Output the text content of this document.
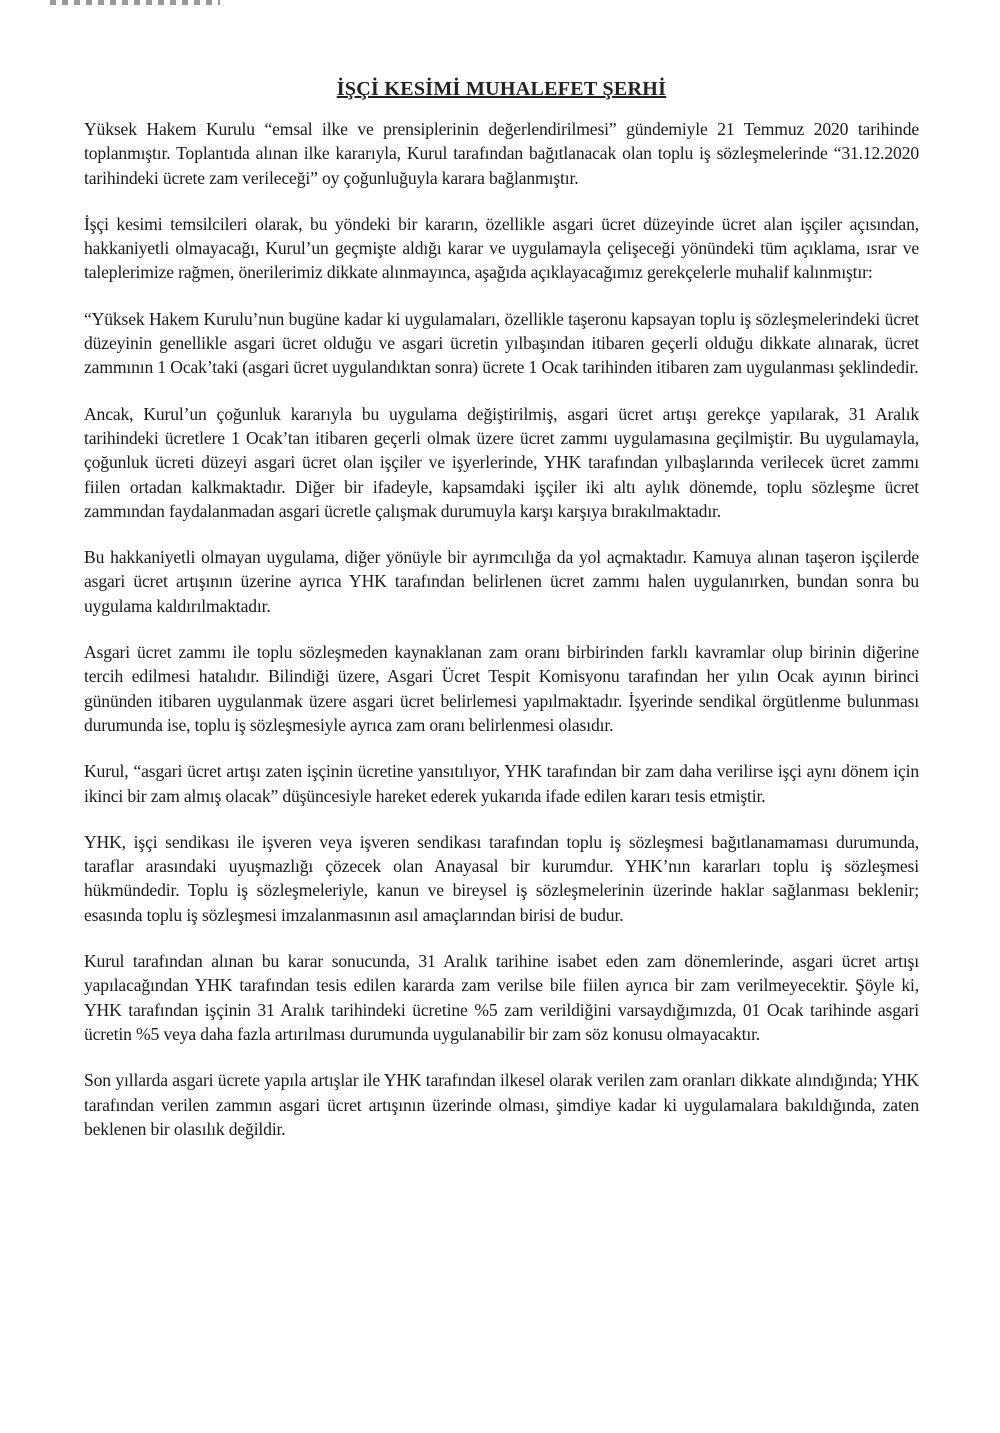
İŞÇİ KESİMİ MUHALEFET ŞERHİ

Yüksek Hakem Kurulu “emsal ilke ve prensiplerinin değerlendirilmesi” gündemiyle 21 Temmuz 2020 tarihinde toplanmıştır. Toplantıda alınan ilke kararıyla, Kurul tarafından bağıtlanacak olan toplu iş sözleşmelerinde “31.12.2020 tarihindeki ücrete zam verileceği” oy çoğunluğuyla karara bağlanmıştır.

İşçi kesimi temsilcileri olarak, bu yöndeki bir kararın, özellikle asgari ücret düzeyinde ücret alan işçiler açısından, hakkaniyetli olmayacağı, Kurul’un geçmişte aldığı karar ve uygulamayla çelişeceği yönündeki tüm açıklama, ısrar ve taleplerimize rağmen, önerilerimiz dikkate alınmayınca, aşağıda açıklayacağımız gerekçelerle muhalif kalınmıştır:

“Yüksek Hakem Kurulu’nun bugüne kadar ki uygulamaları, özellikle taşeronu kapsayan toplu iş sözleşmelerindeki ücret düzeyinin genellikle asgari ücret olduğu ve asgari ücretin yılbaşından itibaren geçerli olduğu dikkate alınarak, ücret zammının 1 Ocak’taki (asgari ücret uygulandıktan sonra) ücrete 1 Ocak tarihinden itibaren zam uygulanması şeklindedir.

Ancak, Kurul’un çoğunluk kararıyla bu uygulama değiştirilmiş, asgari ücret artışı gerekçe yapılarak, 31 Aralık tarihindeki ücretlere 1 Ocak’tan itibaren geçerli olmak üzere ücret zammı uygulamasına geçilmiştir. Bu uygulamayla, çoğunluk ücreti düzeyi asgari ücret olan işçiler ve işyerlerinde, YHK tarafından yılbaşlarında verilecek ücret zammı fiilen ortadan kalkmaktadır. Diğer bir ifadeyle, kapsamdaki işçiler iki altı aylık dönemde, toplu sözleşme ücret zammından faydalanmadan asgari ücretle çalışmak durumuyla karşı karşıya bırakılmaktadır.

Bu hakkaniyetli olmayan uygulama, diğer yönüyle bir ayrımcılığa da yol açmaktadır. Kamuya alınan taşeron işçilerde asgari ücret artışının üzerine ayrıca YHK tarafından belirlenen ücret zammı halen uygulanırken, bundan sonra bu uygulama kaldırılmaktadır.

Asgari ücret zammı ile toplu sözleşmeden kaynaklanan zam oranı birbirinden farklı kavramlar olup birinin diğerine tercih edilmesi hatalıdır. Bilindiği üzere, Asgari Ücret Tespit Komisyonu tarafından her yılın Ocak ayının birinci gününden itibaren uygulanmak üzere asgari ücret belirlemesi yapılmaktadır. İşyerinde sendikal örgütlenme bulunması durumunda ise, toplu iş sözleşmesiyle ayrıca zam oranı belirlenmesi olasıdır.

Kurul, “asgari ücret artışı zaten işçinin ücretine yansıtılıyor, YHK tarafından bir zam daha verilirse işçi aynı dönem için ikinci bir zam almış olacak” düşüncesiyle hareket ederek yukarıda ifade edilen kararı tesis etmiştir.

YHK, işçi sendikası ile işveren veya işveren sendikası tarafından toplu iş sözleşmesi bağıtlanamaması durumunda, taraflar arasındaki uyuşmazlığı çözecek olan Anayasal bir kurumdur. YHK’nın kararları toplu iş sözleşmesi hükmündedir. Toplu iş sözleşmeleriyle, kanun ve bireysel iş sözleşmelerinin üzerinde haklar sağlanması beklenir; esasında toplu iş sözleşmesi imzalanmasının asıl amaçlarından birisi de budur.

Kurul tarafından alınan bu karar sonucunda, 31 Aralık tarihine isabet eden zam dönemlerinde, asgari ücret artışı yapılacağından YHK tarafından tesis edilen kararda zam verilse bile fiilen ayrıca bir zam verilmeyecektir. Şöyle ki, YHK tarafından işçinin 31 Aralık tarihindeki ücretine %5 zam verildiğini varsaydığımızda, 01 Ocak tarihinde asgari ücretin %5 veya daha fazla artırılması durumunda uygulanabilir bir zam söz konusu olmayacaktır.

Son yıllarda asgari ücrete yapıla artışlar ile YHK tarafından ilkesel olarak verilen zam oranları dikkate alındığında; YHK tarafından verilen zammın asgari ücret artışının üzerinde olması, şimdiye kadar ki uygulamalara bakıldığında, zaten beklenen bir olasılık değildir.
